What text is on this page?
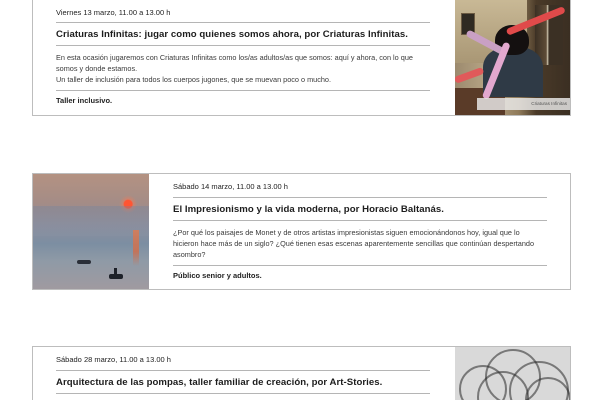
Viernes 13 marzo, 11.00 a 13.00 h
Criaturas Infinitas: jugar como quienes somos ahora, por Criaturas Infinitas.

En esta ocasión jugaremos con Criaturas Infinitas como los/as adultos/as que somos: aquí y ahora, con lo que somos y donde estamos.

Un taller de inclusión para todos los cuerpos jugones, que se muevan poco o mucho.

Taller inclusivo.	Criaturas Infinitas
Sábado 14 marzo, 11.00 a 13.00 h
El Impresionismo y la vida moderna, por Horacio Baltanás.

¿Por qué los paisajes de Monet y de otros artistas impresionistas siguen emocionándonos hoy, igual que lo hicieron hace más de un siglo? ¿Qué tienen esas escenas aparentemente sencillas que continúan despertando asombro?

Público senior y adultos.
Sábado 28 marzo, 11.00 a 13.00 h
Arquitectura de las pompas, taller familiar de creación, por Art-Stories.
